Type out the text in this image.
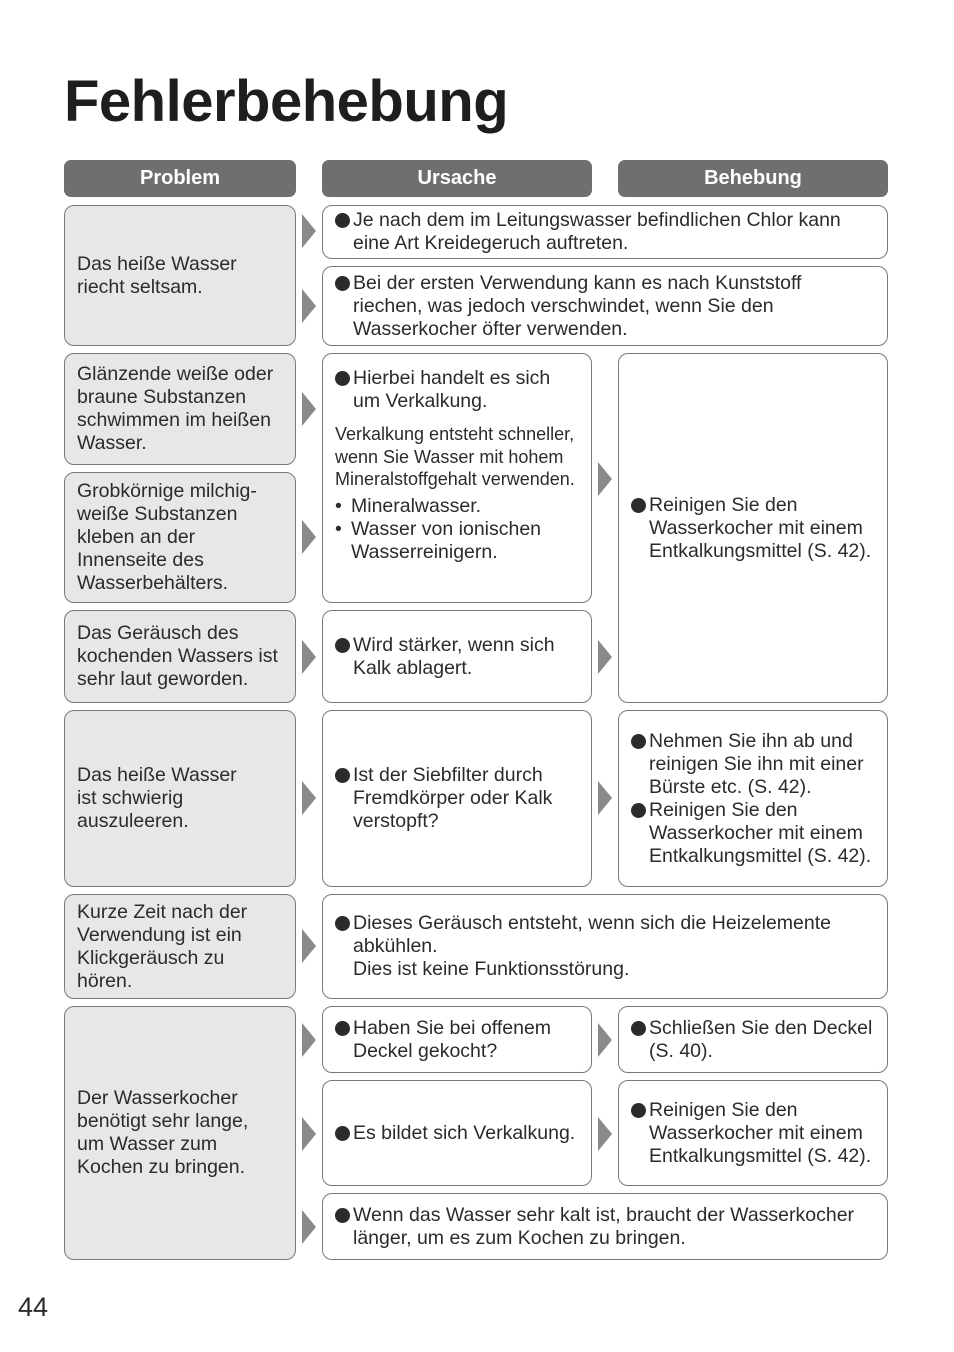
Fehlerbehebung
Problem	Ursache	Behebung
Das heiße Wasser riecht seltsam.
Je nach dem im Leitungswasser befindlichen Chlor kann eine Art Kreidegeruch auftreten.
Bei der ersten Verwendung kann es nach Kunststoff riechen, was jedoch verschwindet, wenn Sie den Wasserkocher öfter verwenden.
Glänzende weiße oder braune Substanzen schwimmen im heißen Wasser.
Grobkörnige milchig-weiße Substanzen kleben an der Innenseite des Wasserbehälters.
Das Geräusch des kochenden Wassers ist sehr laut geworden.
Hierbei handelt es sich um Verkalkung.
Verkalkung entsteht schneller, wenn Sie Wasser mit hohem Mineralstoffgehalt verwenden.
• Mineralwasser.
• Wasser von ionischen Wasserreinigern.
Wird stärker, wenn sich Kalk ablagert.
Reinigen Sie den Wasserkocher mit einem Entkalkungsmittel (S. 42).
Das heiße Wasser ist schwierig auszuleeren.
Ist der Siebfilter durch Fremdkörper oder Kalk verstopft?
Nehmen Sie ihn ab und reinigen Sie ihn mit einer Bürste etc. (S. 42).
Reinigen Sie den Wasserkocher mit einem Entkalkungsmittel (S. 42).
Kurze Zeit nach der Verwendung ist ein Klickgeräusch zu hören.
Dieses Geräusch entsteht, wenn sich die Heizelemente abkühlen.
Dies ist keine Funktionsstörung.
Der Wasserkocher benötigt sehr lange, um Wasser zum Kochen zu bringen.
Haben Sie bei offenem Deckel gekocht?
Schließen Sie den Deckel (S. 40).
Es bildet sich Verkalkung.
Reinigen Sie den Wasserkocher mit einem Entkalkungsmittel (S. 42).
Wenn das Wasser sehr kalt ist, braucht der Wasserkocher länger, um es zum Kochen zu bringen.
44
